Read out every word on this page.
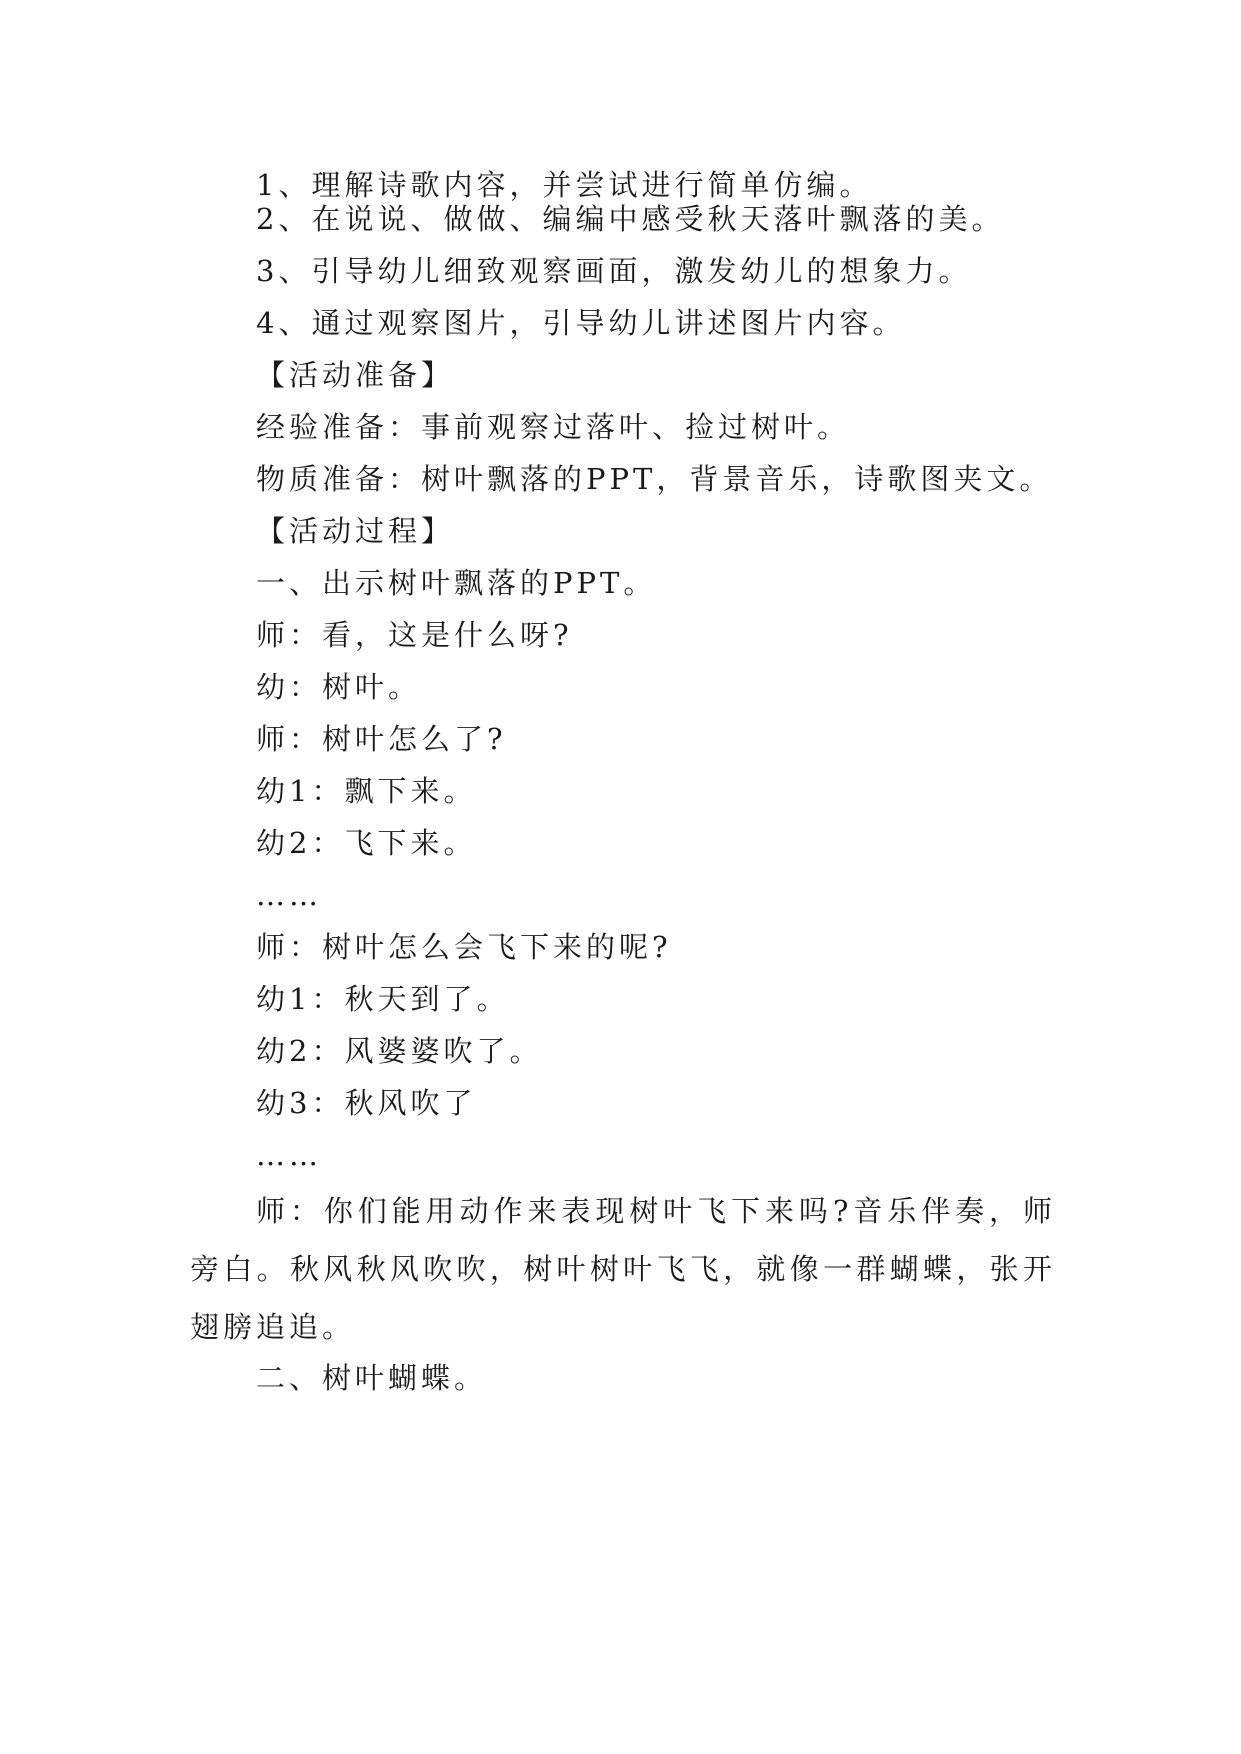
1、理解诗歌内容，并尝试进行简单仿编。
2、在说说、做做、编编中感受秋天落叶飘落的美。
3、引导幼儿细致观察画面，激发幼儿的想象力。
4、通过观察图片，引导幼儿讲述图片内容。
【活动准备】
经验准备：事前观察过落叶、捡过树叶。
物质准备：树叶飘落的PPT，背景音乐，诗歌图夹文。
【活动过程】
一、出示树叶飘落的PPT。
师：看，这是什么呀?
幼：树叶。
师：树叶怎么了?
幼1：飘下来。
幼2：飞下来。
……
师：树叶怎么会飞下来的呢?
幼1：秋天到了。
幼2：风婆婆吹了。
幼3：秋风吹了
……
师：你们能用动作来表现树叶飞下来吗?音乐伴奏，师旁白。秋风秋风吹吹，树叶树叶飞飞，就像一群蝴蝶，张开翅膀追追。
二、树叶蝴蝶。
